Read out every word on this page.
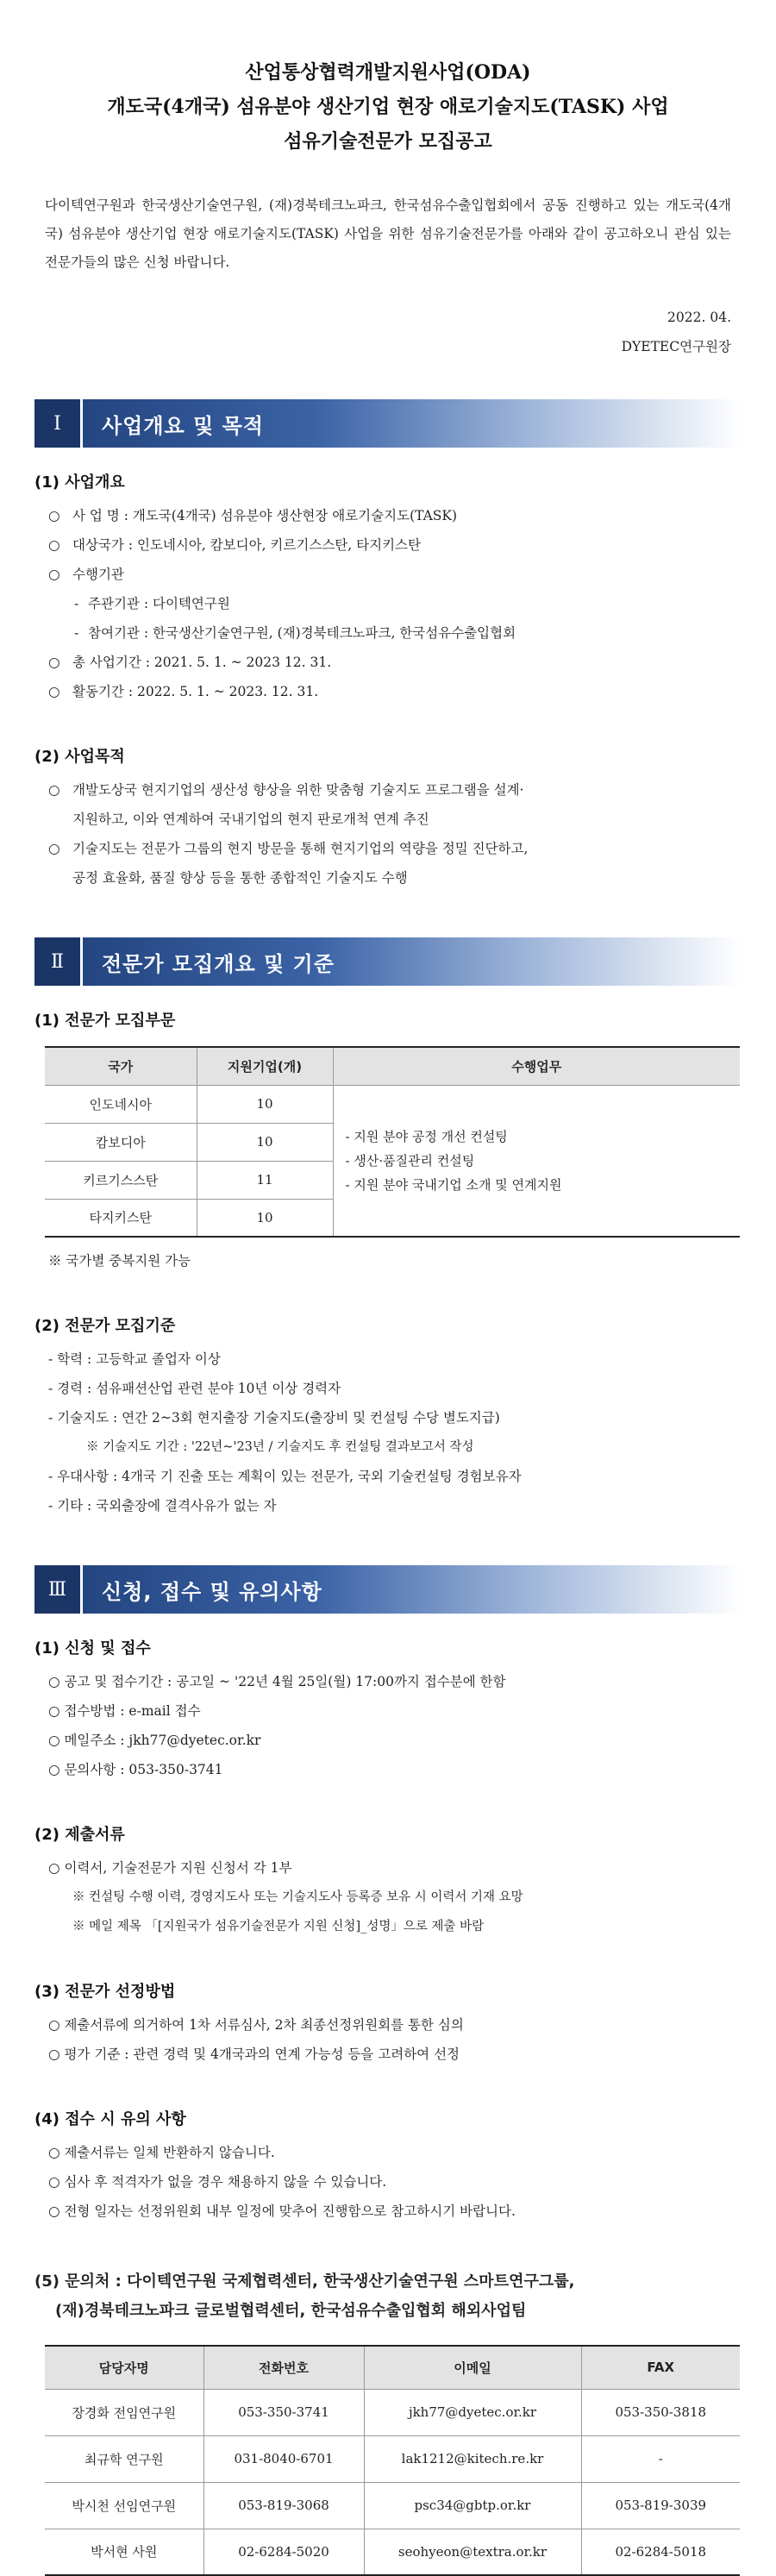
산업통상협력개발지원사업(ODA)
개도국(4개국) 섬유분야 생산기업 현장 애로기술지도(TASK) 사업
섬유기술전문가 모집공고

다이텍연구원과 한국생산기술연구원, (재)경북테크노파크, 한국섬유수출입협회에서 공동 진행하고 있는 개도국(4개국) 섬유분야 생산기업 현장 애로기술지도(TASK) 사업을 위한 섬유기술전문가를 아래와 같이 공고하오니 관심 있는 전문가들의 많은 신청 바랍니다.

2022. 04.
DYETEC연구원장
Ⅰ	사업개요 및 목적
(1) 사업개요
○ 사 업 명 : 개도국(4개국) 섬유분야 생산현장 애로기술지도(TASK)
○ 대상국가 : 인도네시아, 캄보디아, 키르기스스탄, 타지키스탄
○ 수행기관
- 주관기관 : 다이텍연구원
- 참여기관 : 한국생산기술연구원, (재)경북테크노파크, 한국섬유수출입협회
○ 총 사업기간 : 2021. 5. 1. ~ 2023 12. 31.
○ 활동기간 : 2022. 5. 1. ~ 2023. 12. 31.
(2) 사업목적
○ 개발도상국 현지기업의 생산성 향상을 위한 맞춤형 기술지도 프로그램을 설계·
지원하고, 이와 연계하여 국내기업의 현지 판로개척 연계 추진
○ 기술지도는 전문가 그룹의 현지 방문을 통해 현지기업의 역량을 정밀 진단하고,
공정 효율화, 품질 향상 등을 통한 종합적인 기술지도 수행
Ⅱ	전문가 모집개요 및 기준
(1) 전문가 모집부문
국가	지원기업(개)	수행업무
인도네시아	10	- 지원 분야 공정 개선 컨설팅
- 생산·품질관리 컨설팅
- 지원 분야 국내기업 소개 및 연계지원

캄보디아	10	
키르기스스탄	11	
타지키스탄	10	
※ 국가별 중복지원 가능
(2) 전문가 모집기준
- 학력 : 고등학교 졸업자 이상
- 경력 : 섬유패션산업 관련 분야 10년 이상 경력자
- 기술지도 : 연간 2~3회 현지출장 기술지도(출장비 및 컨설팅 수당 별도지급)
※ 기술지도 기간 : '22년~'23년 / 기술지도 후 컨설팅 결과보고서 작성
- 우대사항 : 4개국 기 진출 또는 계획이 있는 전문가, 국외 기술컨설팅 경험보유자
- 기타 : 국외출장에 결격사유가 없는 자
Ⅲ	신청, 접수 및 유의사항
(1) 신청 및 접수
○ 공고 및 접수기간 : 공고일 ~ '22년 4월 25일(월) 17:00까지 접수분에 한함
○ 접수방법 : e-mail 접수
○ 메일주소 : jkh77@dyetec.or.kr
○ 문의사항 : 053-350-3741
(2) 제출서류
○ 이력서, 기술전문가 지원 신청서 각 1부
※ 컨설팅 수행 이력, 경영지도사 또는 기술지도사 등록증 보유 시 이력서 기재 요망
※ 메일 제목 「[지원국가 섬유기술전문가 지원 신청]_성명」으로 제출 바람
(3) 전문가 선정방법
○ 제출서류에 의거하여 1차 서류심사, 2차 최종선정위원회를 통한 심의
○ 평가 기준 : 관련 경력 및 4개국과의 연계 가능성 등을 고려하여 선정
(4) 접수 시 유의 사항
○ 제출서류는 일체 반환하지 않습니다.
○ 심사 후 적격자가 없을 경우 채용하지 않을 수 있습니다.
○ 전형 일자는 선정위원회 내부 일정에 맞추어 진행함으로 참고하시기 바랍니다.
(5) 문의처 : 다이텍연구원 국제협력센터, 한국생산기술연구원 스마트연구그룹,
(재)경북테크노파크 글로벌협력센터, 한국섬유수출입협회 해외사업팀
담당자명	전화번호	이메일	FAX
장경화 전임연구원	053-350-3741	jkh77@dyetec.or.kr	053-350-3818
최규학 연구원	031-8040-6701	lak1212@kitech.re.kr	-
박시천 선임연구원	053-819-3068	psc34@gbtp.or.kr	053-819-3039
박서현 사원	02-6284-5020	seohyeon@textra.or.kr	02-6284-5018
